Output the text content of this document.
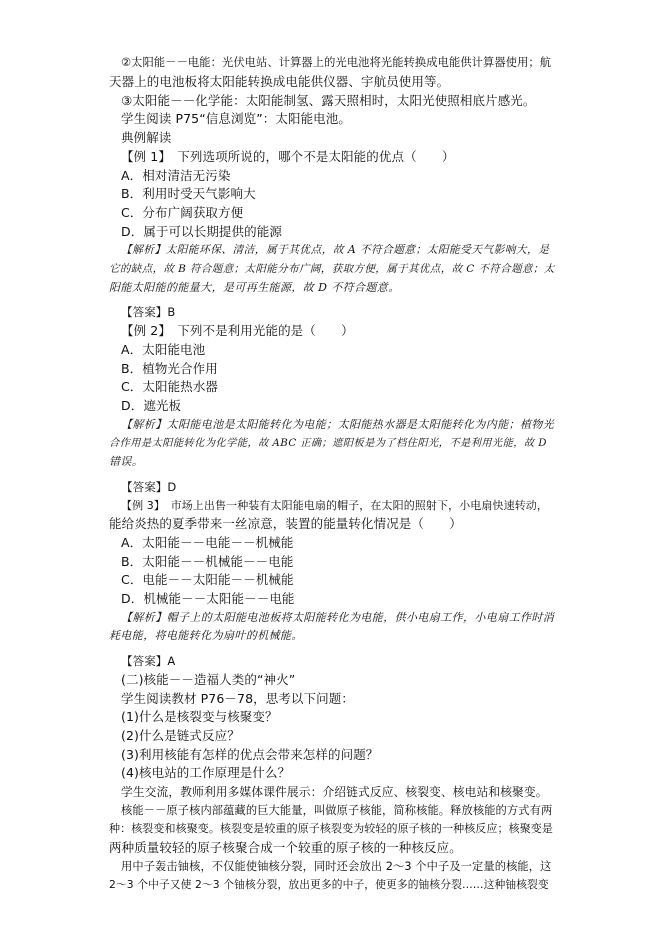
②太阳能－－电能：光伏电站、计算器上的光电池将光能转换成电能供计算器使用；航
天器上的电池板将太阳能转换成电能供仪器、宇航员使用等。
③太阳能－－化学能：太阳能制氢、露天照相时，太阳光使照相底片感光。
学生阅读 P75“信息浏览”：太阳能电池。
典例解读
【例 1】　下列选项所说的，哪个不是太阳能的优点（　　）
A．相对清洁无污染
B．利用时受天气影响大
C．分布广阔获取方便
D．属于可以长期提供的能源
【解析】太阳能环保、清洁，属于其优点，故 A 不符合题意；太阳能受天气影响大，是
它的缺点，故 B 符合题意；太阳能分布广阔，获取方便，属于其优点，故 C 不符合题意；太
阳能太阳能的能量大，是可再生能源，故 D 不符合题意。
【答案】B
【例 2】　下列不是利用光能的是（　　）
A．太阳能电池
B．植物光合作用
C．太阳能热水器
D．遮光板
【解析】太阳能电池是太阳能转化为电能；太阳能热水器是太阳能转化为内能；植物光
合作用是太阳能转化为化学能，故 ABC 正确；遮阳板是为了档住阳光，不是利用光能，故 D
错误。
【答案】D
【例 3】　市场上出售一种装有太阳能电扇的帽子，在太阳的照射下，小电扇快速转动，
能给炎热的夏季带来一丝凉意，装置的能量转化情况是（　　）
A．太阳能－－电能－－机械能
B．太阳能－－机械能－－电能
C．电能－－太阳能－－机械能
D．机械能－－太阳能－－电能
【解析】帽子上的太阳能电池板将太阳能转化为电能，供小电扇工作，小电扇工作时消
耗电能，将电能转化为扇叶的机械能。
【答案】A
(二)核能－－造福人类的“神火”
学生阅读教材 P76－78，思考以下问题：
(1)什么是核裂变与核聚变？
(2)什么是链式反应？
(3)利用核能有怎样的优点会带来怎样的问题？
(4)核电站的工作原理是什么？
学生交流，教师利用多媒体课件展示：介绍链式反应、核裂变、核电站和核聚变。
核能－－原子核内部蕴藏的巨大能量，叫做原子核能，简称核能。释放核能的方式有两
种：核裂变和核聚变。核裂变是较重的原子核裂变为较轻的原子核的一种核反应；核聚变是
两种质量较轻的原子核聚合成一个较重的原子核的一种核反应。
用中子轰击铀核，不仅能使铀核分裂，同时还会放出 2～3 个中子及一定量的核能，这
2～3 个中子又使 2～3 个铀核分裂，放出更多的中子，使更多的铀核分裂……这种铀核裂变
